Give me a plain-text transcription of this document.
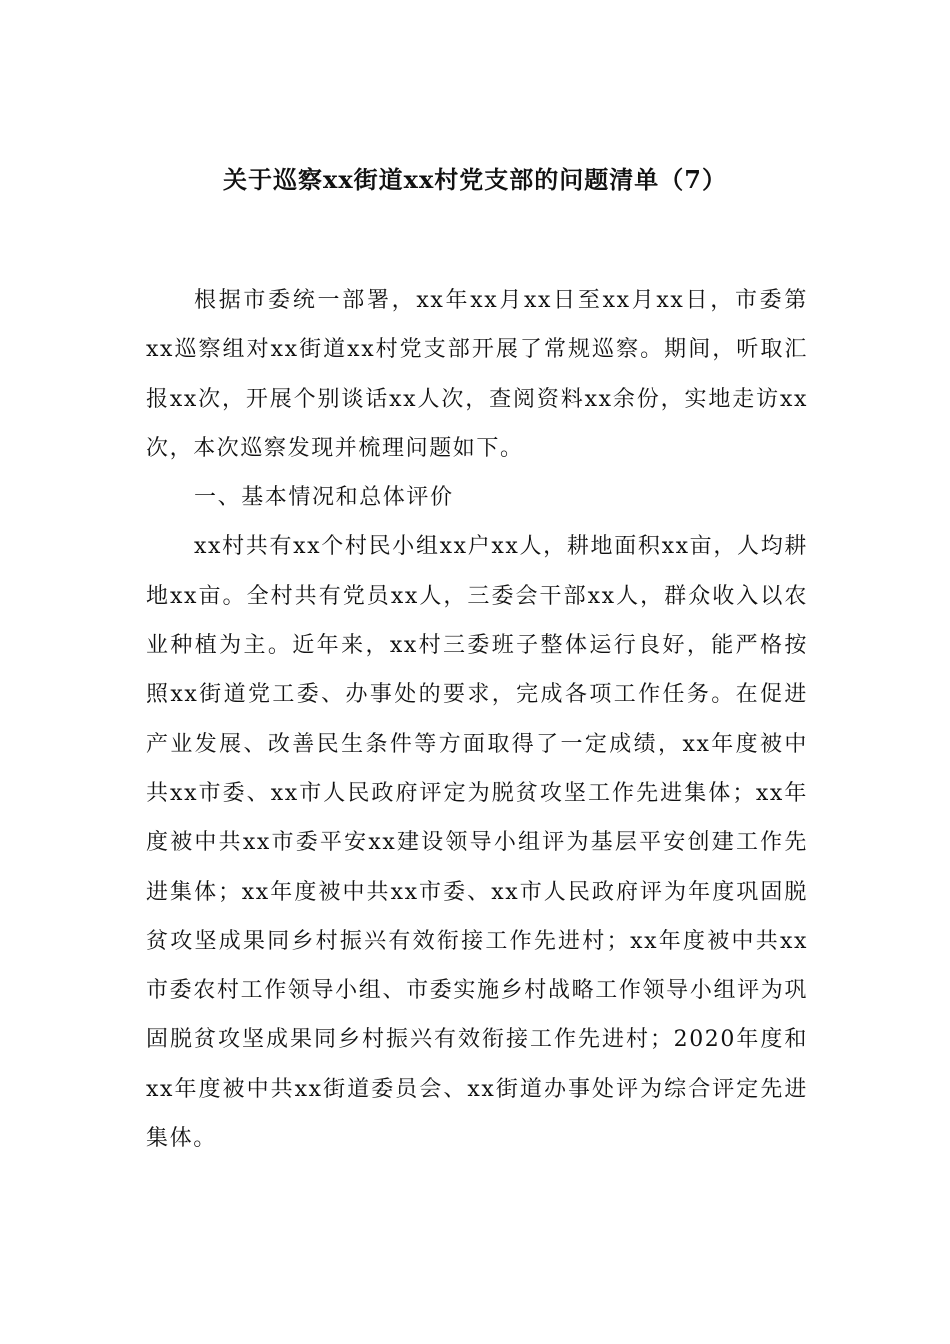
关于巡察xx街道xx村党支部的问题清单（7）

根据市委统一部署，xx年xx月xx日至xx月xx日，市委第xx巡察组对xx街道xx村党支部开展了常规巡察。期间，听取汇报xx次，开展个别谈话xx人次，查阅资料xx余份，实地走访xx次，本次巡察发现并梳理问题如下。

一、基本情况和总体评价

xx村共有xx个村民小组xx户xx人，耕地面积xx亩，人均耕地xx亩。全村共有党员xx人，三委会干部xx人，群众收入以农业种植为主。近年来，xx村三委班子整体运行良好，能严格按照xx街道党工委、办事处的要求，完成各项工作任务。在促进产业发展、改善民生条件等方面取得了一定成绩，xx年度被中共xx市委、xx市人民政府评定为脱贫攻坚工作先进集体；xx年度被中共xx市委平安xx建设领导小组评为基层平安创建工作先进集体；xx年度被中共xx市委、xx市人民政府评为年度巩固脱贫攻坚成果同乡村振兴有效衔接工作先进村；xx年度被中共xx市委农村工作领导小组、市委实施乡村战略工作领导小组评为巩固脱贫攻坚成果同乡村振兴有效衔接工作先进村；2020年度和xx年度被中共xx街道委员会、xx街道办事处评为综合评定先进集体。
